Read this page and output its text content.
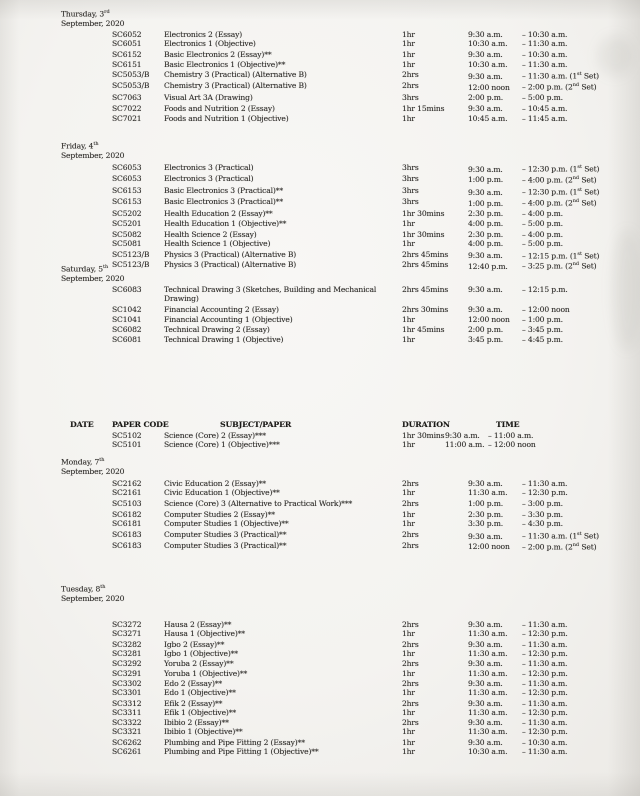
Thursday, 3rd
September, 2020
SC6052	Electronics 2 (Essay)	1hr	9:30 a.m.	– 10:30 a.m.
SC6051	Electronics 1 (Objective)	1hr	10:30 a.m. – 11:30 a.m.
SC6152	Basic Electronics 2 (Essay)**	1hr	9:30 a.m.	– 10:30 a.m.
SC6151	Basic Electronics 1 (Objective)**	1hr	10:30 a.m. – 11:30 a.m.
SC5053/B	Chemistry 3 (Practical) (Alternative B)	2hrs	9:30 a.m.	– 11:30 a.m. (1st Set)
SC5053/B	Chemistry 3 (Practical) (Alternative B)	2hrs	12:00 noon – 2:00 p.m. (2nd Set)
SC7063	Visual Art 3A (Drawing)	3hrs	2:00 p.m. – 5:00 p.m.
SC7022	Foods and Nutrition 2 (Essay)	1hr 15mins	9:30 a.m.	– 10:45 a.m.
SC7021	Foods and Nutrition 1 (Objective)	1hr	10:45 a.m. – 11:45 a.m.
Friday, 4th
September, 2020
SC6053	Electronics 3 (Practical)	3hrs	9:30 a.m.	– 12:30 p.m. (1st Set)
SC6053	Electronics 3 (Practical)	3hrs	1:00 p.m. – 4:00 p.m. (2nd Set)
SC6153	Basic Electronics 3 (Practical)**	3hrs	9:30 a.m.	– 12:30 p.m. (1st Set)
SC6153	Basic Electronics 3 (Practical)**	3hrs	1:00 p.m. – 4:00 p.m. (2nd Set)
SC5202	Health Education 2 (Essay)**	1hr 30mins	2:30 p.m. – 4:00 p.m.
SC5201	Health Education 1 (Objective)**	1hr	4:00 p.m. – 5:00 p.m.
SC5082	Health Science 2 (Essay)	1hr 30mins	2:30 p.m. – 4:00 p.m.
SC5081	Health Science 1 (Objective)	1hr	4:00 p.m. – 5:00 p.m.
SC5123/B	Physics 3 (Practical) (Alternative B)	2hrs 45mins	9:30 a.m.	– 12:15 p.m. (1st Set)
SC5123/B	Physics 3 (Practical) (Alternative B)	2hrs 45mins	12:40 p.m. – 3:25 p.m. (2nd Set)
Saturday, 5th
September, 2020
SC6083	Technical Drawing 3 (Sketches, Building and Mechanical Drawing)
2hrs 45mins	9:30 a.m.	– 12:15 p.m.
SC1042	Financial Accounting 2 (Essay)	2hrs 30mins	9:30 a.m.	– 12:00 noon
SC1041	Financial Accounting 1 (Objective)	1hr	12:00 noon – 1:00 p.m.
SC6082	Technical Drawing 2 (Essay)	1hr 45mins	2:00 p.m. – 3:45 p.m.
SC6081	Technical Drawing 1 (Objective)	1hr	3:45 p.m. – 4:45 p.m.
DATE PAPER CODE	SUBJECT/PAPER	DURATION	TIME
SC5102	Science (Core) 2 (Essay)***	1hr 30mins 9:30 a.m. – 11:00 a.m.
SC5101	Science (Core) 1 (Objective)***	1hr	11:00 a.m. – 12:00 noon
Monday, 7th
September, 2020
SC2162	Civic Education 2 (Essay)**	2hrs	9:30 a.m.	– 11:30 a.m.
SC2161	Civic Education 1 (Objective)**	1hr	11:30 a.m. – 12:30 p.m.
SC5103	Science (Core) 3 (Alternative to Practical Work)***	2hrs	1:00 p.m. – 3:00 p.m.
SC6182	Computer Studies 2 (Essay)**	1hr	2:30 p.m. – 3:30 p.m.
SC6181	Computer Studies 1 (Objective)**	1hr	3:30 p.m. – 4:30 p.m.
SC6183	Computer Studies 3 (Practical)**	2hrs	9:30 a.m.	– 11:30 a.m. (1st Set)
SC6183	Computer Studies 3 (Practical)**	2hrs	12:00 noon – 2:00 p.m. (2nd Set)
Tuesday, 8th
September, 2020
SC3272	Hausa 2 (Essay)**	2hrs	9:30 a.m.	– 11:30 a.m.
SC3271	Hausa 1 (Objective)**	1hr	11:30 a.m. – 12:30 p.m.
SC3282	Igbo 2 (Essay)**	2hrs	9:30 a.m.	– 11:30 a.m.
SC3281	Igbo 1 (Objective)**	1hr	11:30 a.m. – 12:30 p.m.
SC3292	Yoruba 2 (Essay)**	2hrs	9:30 a.m.	– 11:30 a.m.
SC3291	Yoruba 1 (Objective)**	1hr	11:30 a.m. – 12:30 p.m.
SC3302	Edo 2 (Essay)**	2hrs	9:30 a.m.	– 11:30 a.m.
SC3301	Edo 1 (Objective)**	1hr	11:30 a.m. – 12:30 p.m.
SC3312	Efik 2 (Essay)**	2hrs	9:30 a.m.	– 11:30 a.m.
SC3311	Efik 1 (Objective)**	1hr	11:30 a.m. – 12:30 p.m.
SC3322	Ibibio 2 (Essay)**	2hrs	9:30 a.m.	– 11:30 a.m.
SC3321	Ibibio 1 (Objective)**	1hr	11:30 a.m. – 12:30 p.m.
SC6262	Plumbing and Pipe Fitting 2 (Essay)**	1hr	9:30 a.m.	– 10:30 a.m.
SC6261	Plumbing and Pipe Fitting 1 (Objective)**	1hr	10:30 a.m. – 11:30 a.m.
